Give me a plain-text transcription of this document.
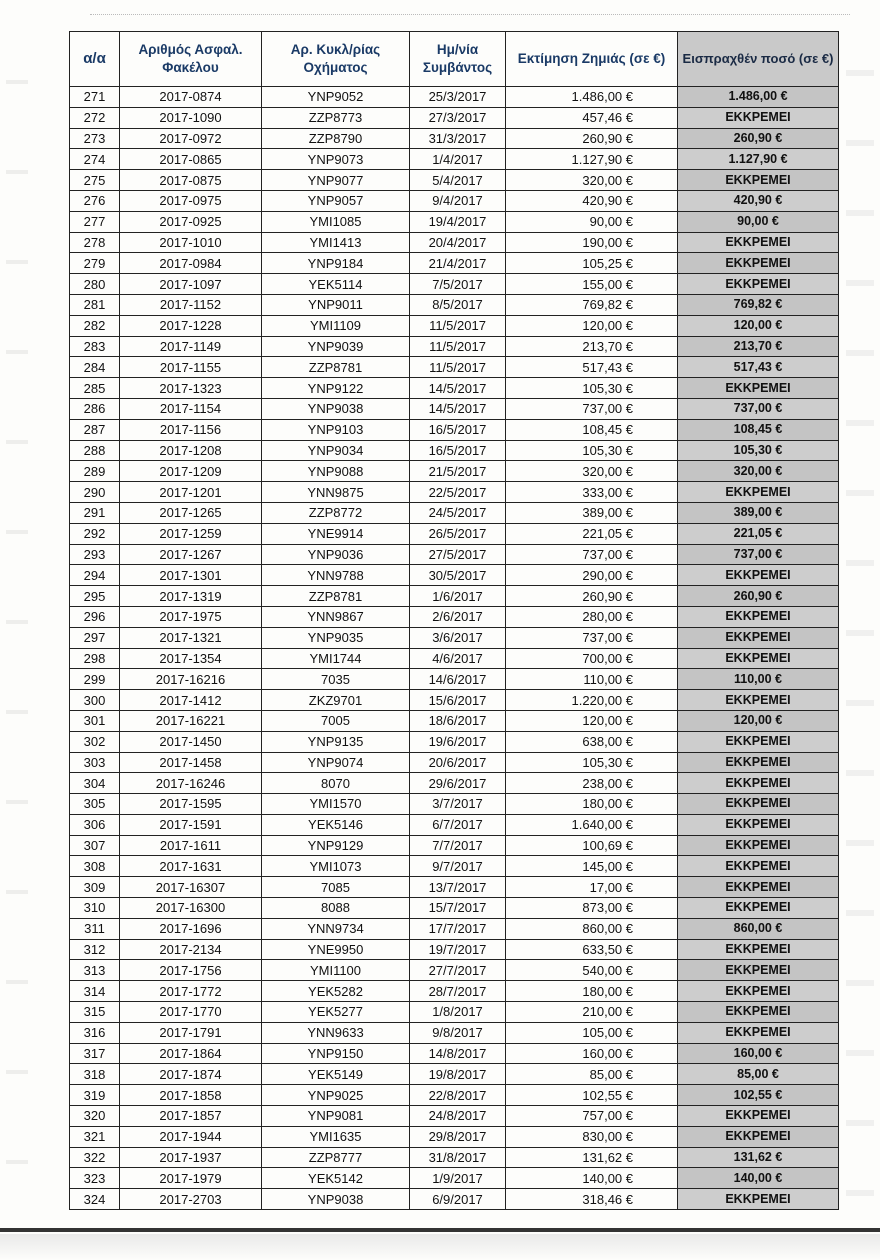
α/α	Αριθμός Ασφαλ. Φακέλου	Αρ. Κυκλ/ρίας Οχήματος	Ημ/νία Συμβάντος	Εκτίμηση Ζημιάς (σε €)	Εισπραχθέν ποσό (σε €)
271	2017-0874	YNP9052	25/3/2017	1.486,00 €	1.486,00 €
272	2017-1090	ZZP8773	27/3/2017	457,46 €	ΕΚΚΡΕΜΕΙ
273	2017-0972	ZZP8790	31/3/2017	260,90 €	260,90 €
274	2017-0865	YNP9073	1/4/2017	1.127,90 €	1.127,90 €
275	2017-0875	YNP9077	5/4/2017	320,00 €	ΕΚΚΡΕΜΕΙ
276	2017-0975	YNP9057	9/4/2017	420,90 €	420,90 €
277	2017-0925	YMI1085	19/4/2017	90,00 €	90,00 €
278	2017-1010	YMI1413	20/4/2017	190,00 €	ΕΚΚΡΕΜΕΙ
279	2017-0984	YNP9184	21/4/2017	105,25 €	ΕΚΚΡΕΜΕΙ
280	2017-1097	YEK5114	7/5/2017	155,00 €	ΕΚΚΡΕΜΕΙ
281	2017-1152	YNP9011	8/5/2017	769,82 €	769,82 €
282	2017-1228	YMI1109	11/5/2017	120,00 €	120,00 €
283	2017-1149	YNP9039	11/5/2017	213,70 €	213,70 €
284	2017-1155	ZZP8781	11/5/2017	517,43 €	517,43 €
285	2017-1323	YNP9122	14/5/2017	105,30 €	ΕΚΚΡΕΜΕΙ
286	2017-1154	YNP9038	14/5/2017	737,00 €	737,00 €
287	2017-1156	YNP9103	16/5/2017	108,45 €	108,45 €
288	2017-1208	YNP9034	16/5/2017	105,30 €	105,30 €
289	2017-1209	YNP9088	21/5/2017	320,00 €	320,00 €
290	2017-1201	YNN9875	22/5/2017	333,00 €	ΕΚΚΡΕΜΕΙ
291	2017-1265	ZZP8772	24/5/2017	389,00 €	389,00 €
292	2017-1259	YNE9914	26/5/2017	221,05 €	221,05 €
293	2017-1267	YNP9036	27/5/2017	737,00 €	737,00 €
294	2017-1301	YNN9788	30/5/2017	290,00 €	ΕΚΚΡΕΜΕΙ
295	2017-1319	ZZP8781	1/6/2017	260,90 €	260,90 €
296	2017-1975	YNN9867	2/6/2017	280,00 €	ΕΚΚΡΕΜΕΙ
297	2017-1321	YNP9035	3/6/2017	737,00 €	ΕΚΚΡΕΜΕΙ
298	2017-1354	YMI1744	4/6/2017	700,00 €	ΕΚΚΡΕΜΕΙ
299	2017-16216	7035	14/6/2017	110,00 €	110,00 €
300	2017-1412	ZKZ9701	15/6/2017	1.220,00 €	ΕΚΚΡΕΜΕΙ
301	2017-16221	7005	18/6/2017	120,00 €	120,00 €
302	2017-1450	YNP9135	19/6/2017	638,00 €	ΕΚΚΡΕΜΕΙ
303	2017-1458	YNP9074	20/6/2017	105,30 €	ΕΚΚΡΕΜΕΙ
304	2017-16246	8070	29/6/2017	238,00 €	ΕΚΚΡΕΜΕΙ
305	2017-1595	YMI1570	3/7/2017	180,00 €	ΕΚΚΡΕΜΕΙ
306	2017-1591	YEK5146	6/7/2017	1.640,00 €	ΕΚΚΡΕΜΕΙ
307	2017-1611	YNP9129	7/7/2017	100,69 €	ΕΚΚΡΕΜΕΙ
308	2017-1631	YMI1073	9/7/2017	145,00 €	ΕΚΚΡΕΜΕΙ
309	2017-16307	7085	13/7/2017	17,00 €	ΕΚΚΡΕΜΕΙ
310	2017-16300	8088	15/7/2017	873,00 €	ΕΚΚΡΕΜΕΙ
311	2017-1696	YNN9734	17/7/2017	860,00 €	860,00 €
312	2017-2134	YNE9950	19/7/2017	633,50 €	ΕΚΚΡΕΜΕΙ
313	2017-1756	YMI1100	27/7/2017	540,00 €	ΕΚΚΡΕΜΕΙ
314	2017-1772	YEK5282	28/7/2017	180,00 €	ΕΚΚΡΕΜΕΙ
315	2017-1770	YEK5277	1/8/2017	210,00 €	ΕΚΚΡΕΜΕΙ
316	2017-1791	YNN9633	9/8/2017	105,00 €	ΕΚΚΡΕΜΕΙ
317	2017-1864	YNP9150	14/8/2017	160,00 €	160,00 €
318	2017-1874	YEK5149	19/8/2017	85,00 €	85,00 €
319	2017-1858	YNP9025	22/8/2017	102,55 €	102,55 €
320	2017-1857	YNP9081	24/8/2017	757,00 €	ΕΚΚΡΕΜΕΙ
321	2017-1944	YMI1635	29/8/2017	830,00 €	ΕΚΚΡΕΜΕΙ
322	2017-1937	ZZP8777	31/8/2017	131,62 €	131,62 €
323	2017-1979	YEK5142	1/9/2017	140,00 €	140,00 €
324	2017-2703	YNP9038	6/9/2017	318,46 €	ΕΚΚΡΕΜΕΙ
